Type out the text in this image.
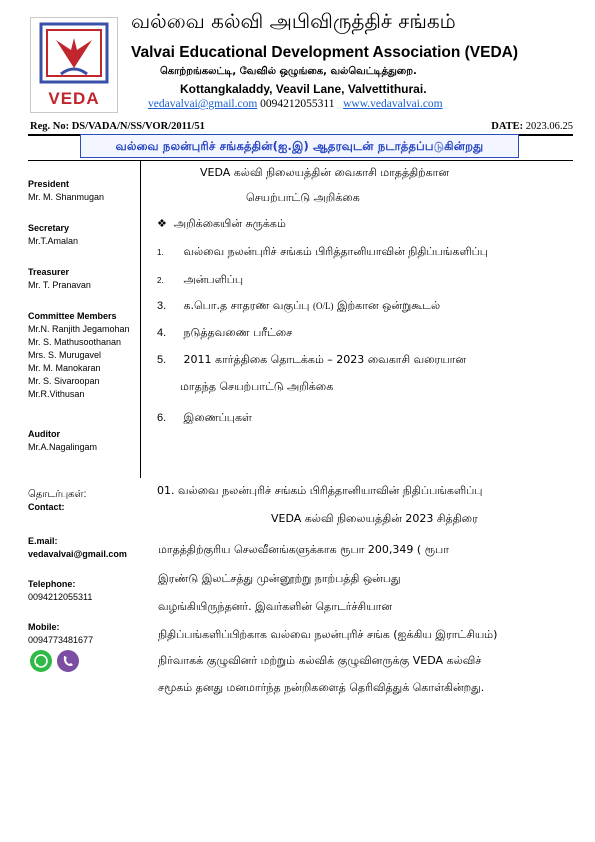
VEDA
வல்வை கல்வி அபிவிருத்திச் சங்கம்
Valvai Educational Development Association (VEDA)
கொற்றங்கலட்டி, வேவில் ஒழுங்கை, வல்வெட்டித்துறை.
Kottangkaladdy, Veavil Lane, Valvettithurai.
vedavalvai@gmail.com 0094212055311 www.vedavalvai.com
Reg. No: DS/VADA/N/SS/VOR/2011/51	DATE: 2023.06.25
வல்வை நலன்புரிச் சங்கத்தின்(ஐ.இ) ஆதரவுடன் நடாத்தப்படுகின்றது
President
Mr. M. Shanmugan
Secretary
Mr.T.Amalan
Treasurer
Mr. T. Pranavan
Committee Members
Mr.N. Ranjith Jegamohan
Mr. S. Mathusoothanan
Mrs. S. Murugavel
Mr. M. Manokaran
Mr. S. Sivaroopan
Mr.R.Vithusan
Auditor
Mr.A.Nagalingam
தொடர்புகள்:
Contact:
E.mail:
vedavalvai@gmail.com
Telephone:
0094212055311
Mobile:
0094773481677
VEDA கல்வி நிலையத்தின் வைகாசி மாதத்திற்கான
செயற்பாட்டு அறிக்கை
❖ அறிக்கையின் சுருக்கம்
1. வல்வை நலன்புரிச் சங்கம் பிரித்தானியாவின் நிதிப்பங்களிப்பு
2. அன்பளிப்பு
3. க.பொ.த சாதரண வகுப்பு (O/L) இற்கான ஒன்றுகூடல்
4. நடுத்தவணை பரீட்சை
5. 2011 கார்த்திகை தொடக்கம் – 2023 வைகாசி வரையான
மாதந்த செயற்பாட்டு அறிக்கை
6. இணைப்புகள்
01. வல்வை நலன்புரிச் சங்கம் பிரித்தானியாவின் நிதிப்பங்களிப்பு
VEDA கல்வி நிலையத்தின் 2023 சித்திரை
மாதத்திற்குரிய செலவீனங்களுக்காக ரூபா 200,349 ( ரூபா
இரண்டு இலட்சத்து முன்னூற்று நாற்பத்தி ஒன்பது
வழங்கியிருந்தனர். இவர்களின் தொடர்ச்சியான
நிதிப்பங்களிப்பிற்காக வல்வை நலன்புரிச் சங்க (ஐக்கிய இராட்சியம்)
நிர்வாகக் குழுவினர் மற்றும் கல்விக் குழுவினருக்கு VEDA கல்விச்
சமூகம் தனது மனமார்ந்த நன்றிகளைத் தெரிவித்துக் கொள்கின்றது.
